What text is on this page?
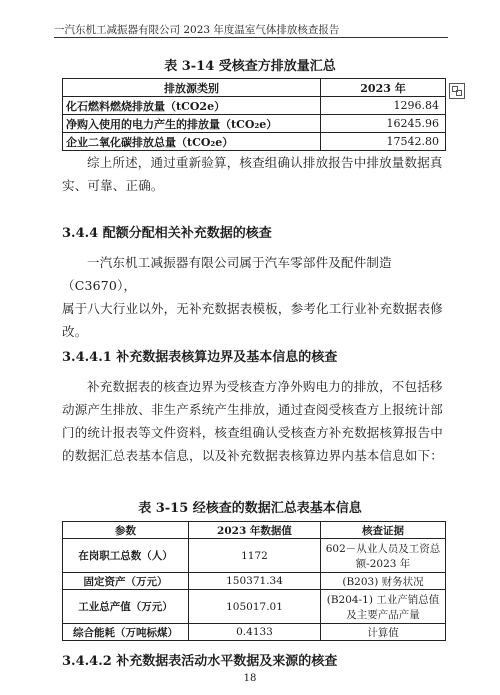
一汽东机工减振器有限公司 2023 年度温室气体排放核查报告
表 3-14 受核查方排放量汇总
排放源类别	2023 年
化石燃料燃烧排放量（tCO2e）	1296.84
净购入使用的电力产生的排放量（tCO₂e）	16245.96
企业二氧化碳排放总量（tCO₂e）	17542.80
综上所述，通过重新验算，核查组确认排放报告中排放量数据真
实、可靠、正确。
3.4.4 配额分配相关补充数据的核查
一汽东机工减振器有限公司属于汽车零部件及配件制造（C3670），
属于八大行业以外，无补充数据表模板，参考化工行业补充数据表修
改。
3.4.4.1 补充数据表核算边界及基本信息的核查
补充数据表的核查边界为受核查方净外购电力的排放，不包括移
动源产生排放、非生产系统产生排放，通过查阅受核查方上报统计部
门的统计报表等文件资料，核查组确认受核查方补充数据核算报告中
的数据汇总表基本信息，以及补充数据表核算边界内基本信息如下：
表 3-15 经核查的数据汇总表基本信息
参数	2023 年数据值	核查证据
在岗职工总数（人）	1172	602－从业人员及工资总
额-2023 年

固定资产（万元）	150371.34	(B203) 财务状况
工业总产值（万元）	105017.01	(B204-1) 工业产销总值
及主要产品产量

综合能耗（万吨标煤）	0.4133	计算值
3.4.4.2 补充数据表活动水平数据及来源的核查
18
